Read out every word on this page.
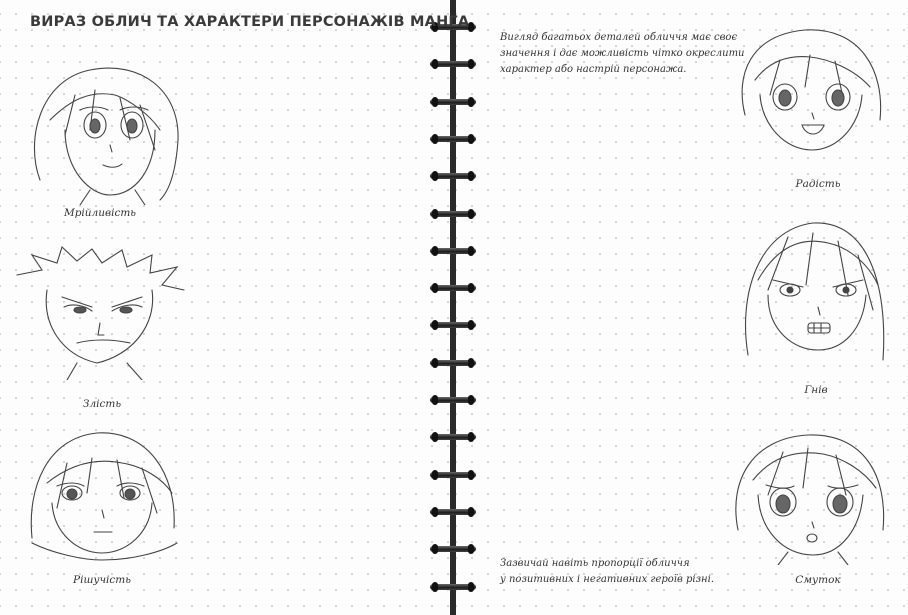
ВИРАЗ ОБЛИЧ ТА ХАРАКТЕРИ ПЕРСОНАЖІВ МАНГА
Вигляд багатьох деталей обличчя має своє
значення і дає можливість чітко окреслити
характер або настрій персонажа.
Зазвичай навіть пропорції обличчя
у позитивних і негативних героїв різні.
Мрійливість
Злість
Рішучість
Радість
Гнів
Смуток
